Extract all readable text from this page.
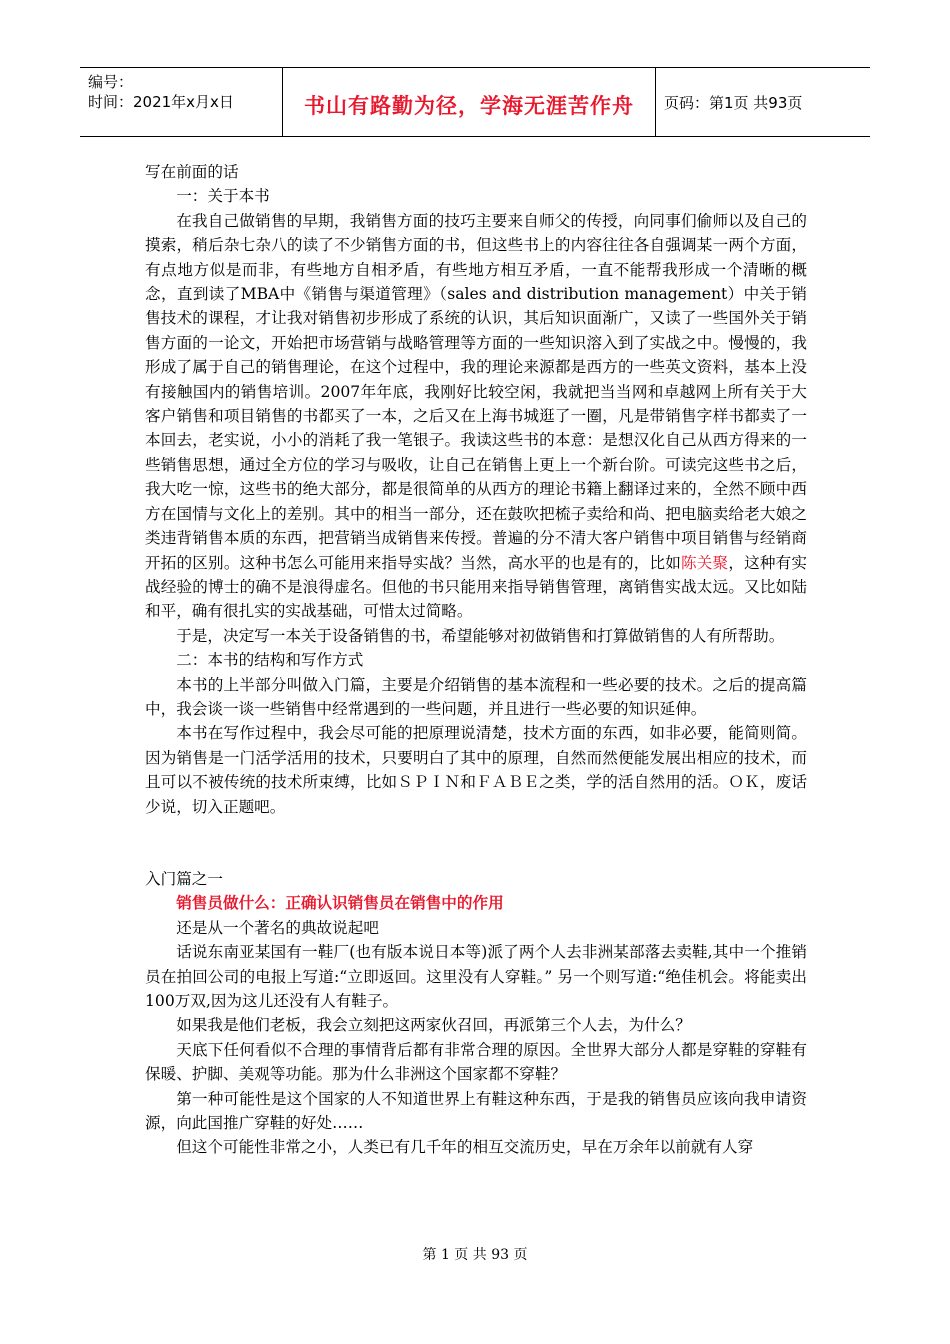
编号：
时间：2021年x月x日	书山有路勤为径，学海无涯苦作舟	页码：第1页 共93页

写在前面的话

一：关于本书

在我自己做销售的早期，我销售方面的技巧主要来自师父的传授，向同事们偷师以及自己的摸索，稍后杂七杂八的读了不少销售方面的书，但这些书上的内容往往各自强调某一两个方面，有点地方似是而非，有些地方自相矛盾，有些地方相互矛盾，一直不能帮我形成一个清晰的概念，直到读了MBA中《销售与渠道管理》（sales and distribution management）中关于销售技术的课程，才让我对销售初步形成了系统的认识，其后知识面渐广，又读了一些国外关于销售方面的一论文，开始把市场营销与战略管理等方面的一些知识溶入到了实战之中。慢慢的，我形成了属于自己的销售理论，在这个过程中，我的理论来源都是西方的一些英文资料，基本上没有接触国内的销售培训。2007年年底，我刚好比较空闲，我就把当当网和卓越网上所有关于大客户销售和项目销售的书都买了一本，之后又在上海书城逛了一圈，凡是带销售字样书都卖了一本回去，老实说，小小的消耗了我一笔银子。我读这些书的本意：是想汉化自己从西方得来的一些销售思想，通过全方位的学习与吸收，让自己在销售上更上一个新台阶。可读完这些书之后，我大吃一惊，这些书的绝大部分，都是很简单的从西方的理论书籍上翻译过来的，全然不顾中西方在国情与文化上的差别。其中的相当一部分，还在鼓吹把梳子卖给和尚、把电脑卖给老大娘之类违背销售本质的东西，把营销当成销售来传授。普遍的分不清大客户销售中项目销售与经销商开拓的区别。这种书怎么可能用来指导实战？当然，高水平的也是有的，比如陈关聚，这种有实战经验的博士的确不是浪得虚名。但他的书只能用来指导销售管理，离销售实战太远。又比如陆和平，确有很扎实的实战基础，可惜太过简略。

于是，决定写一本关于设备销售的书，希望能够对初做销售和打算做销售的人有所帮助。

二：本书的结构和写作方式

本书的上半部分叫做入门篇，主要是介绍销售的基本流程和一些必要的技术。之后的提高篇中，我会谈一谈一些销售中经常遇到的一些问题，并且进行一些必要的知识延伸。

本书在写作过程中，我会尽可能的把原理说清楚，技术方面的东西，如非必要，能简则简。因为销售是一门活学活用的技术，只要明白了其中的原理，自然而然便能发展出相应的技术，而且可以不被传统的技术所束缚，比如ＳＰＩＮ和ＦＡＢＥ之类，学的活自然用的活。ＯＫ，废话少说，切入正题吧。

入门篇之一

销售员做什么：正确认识销售员在销售中的作用

还是从一个著名的典故说起吧

话说东南亚某国有一鞋厂(也有版本说日本等)派了两个人去非洲某部落去卖鞋,其中一个推销员在拍回公司的电报上写道:“立即返回。这里没有人穿鞋。” 另一个则写道:“绝佳机会。将能卖出100万双,因为这儿还没有人有鞋子。

如果我是他们老板，我会立刻把这两家伙召回，再派第三个人去，为什么？

天底下任何看似不合理的事情背后都有非常合理的原因。全世界大部分人都是穿鞋的穿鞋有保暖、护脚、美观等功能。那为什么非洲这个国家都不穿鞋？

第一种可能性是这个国家的人不知道世界上有鞋这种东西，于是我的销售员应该向我申请资源，向此国推广穿鞋的好处……

但这个可能性非常之小，人类已有几千年的相互交流历史，早在万余年以前就有人穿

第 1 页 共 93 页
